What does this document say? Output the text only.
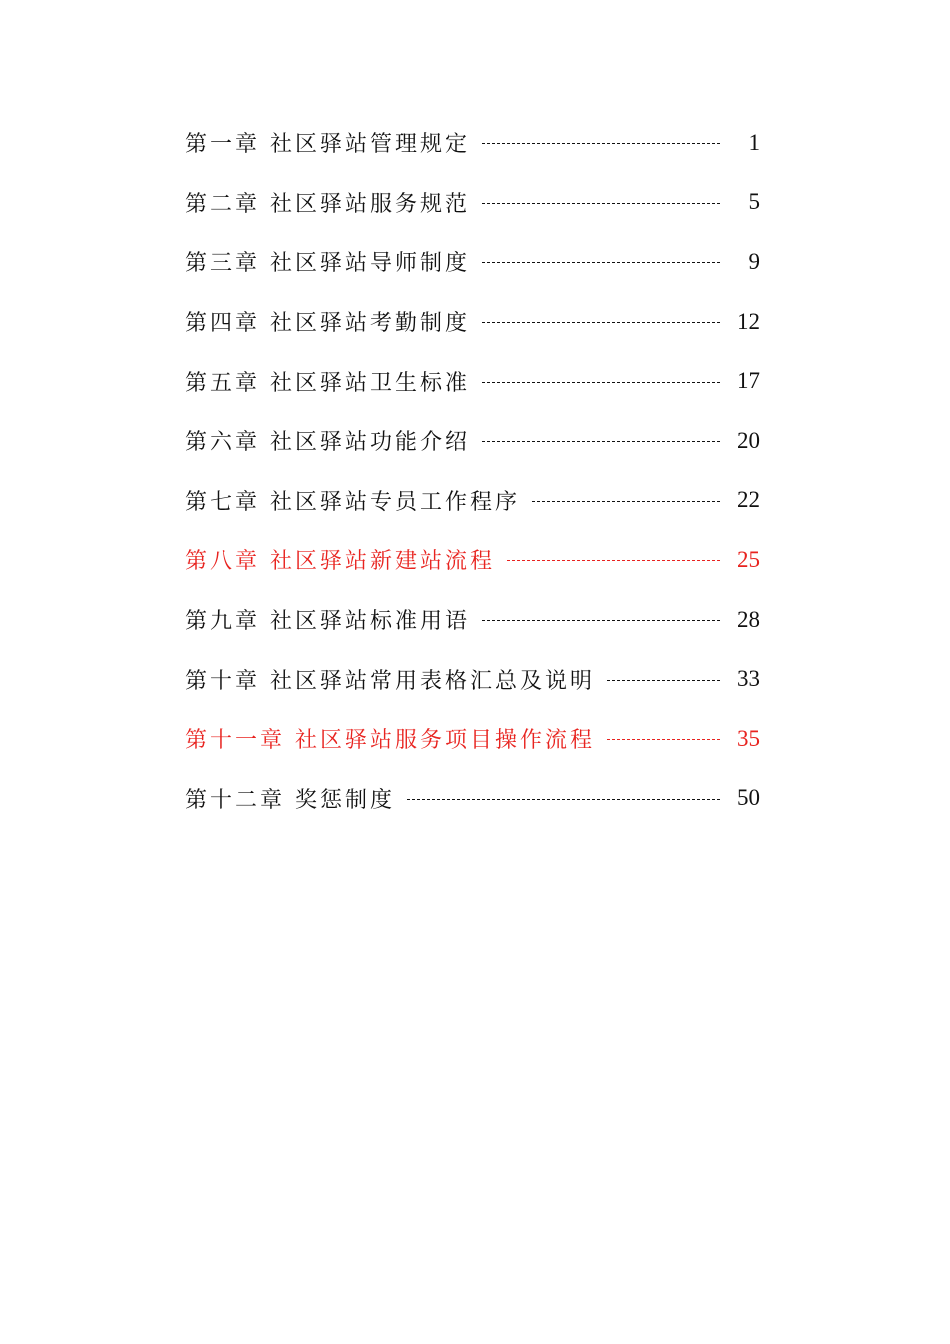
第一章 社区驿站管理规定	1
第二章 社区驿站服务规范	5
第三章 社区驿站导师制度	9
第四章 社区驿站考勤制度	12
第五章 社区驿站卫生标准	17
第六章 社区驿站功能介绍	20
第七章 社区驿站专员工作程序	22
第八章 社区驿站新建站流程	25
第九章 社区驿站标准用语	28
第十章 社区驿站常用表格汇总及说明	33
第十一章 社区驿站服务项目操作流程	35
第十二章 奖惩制度	50
